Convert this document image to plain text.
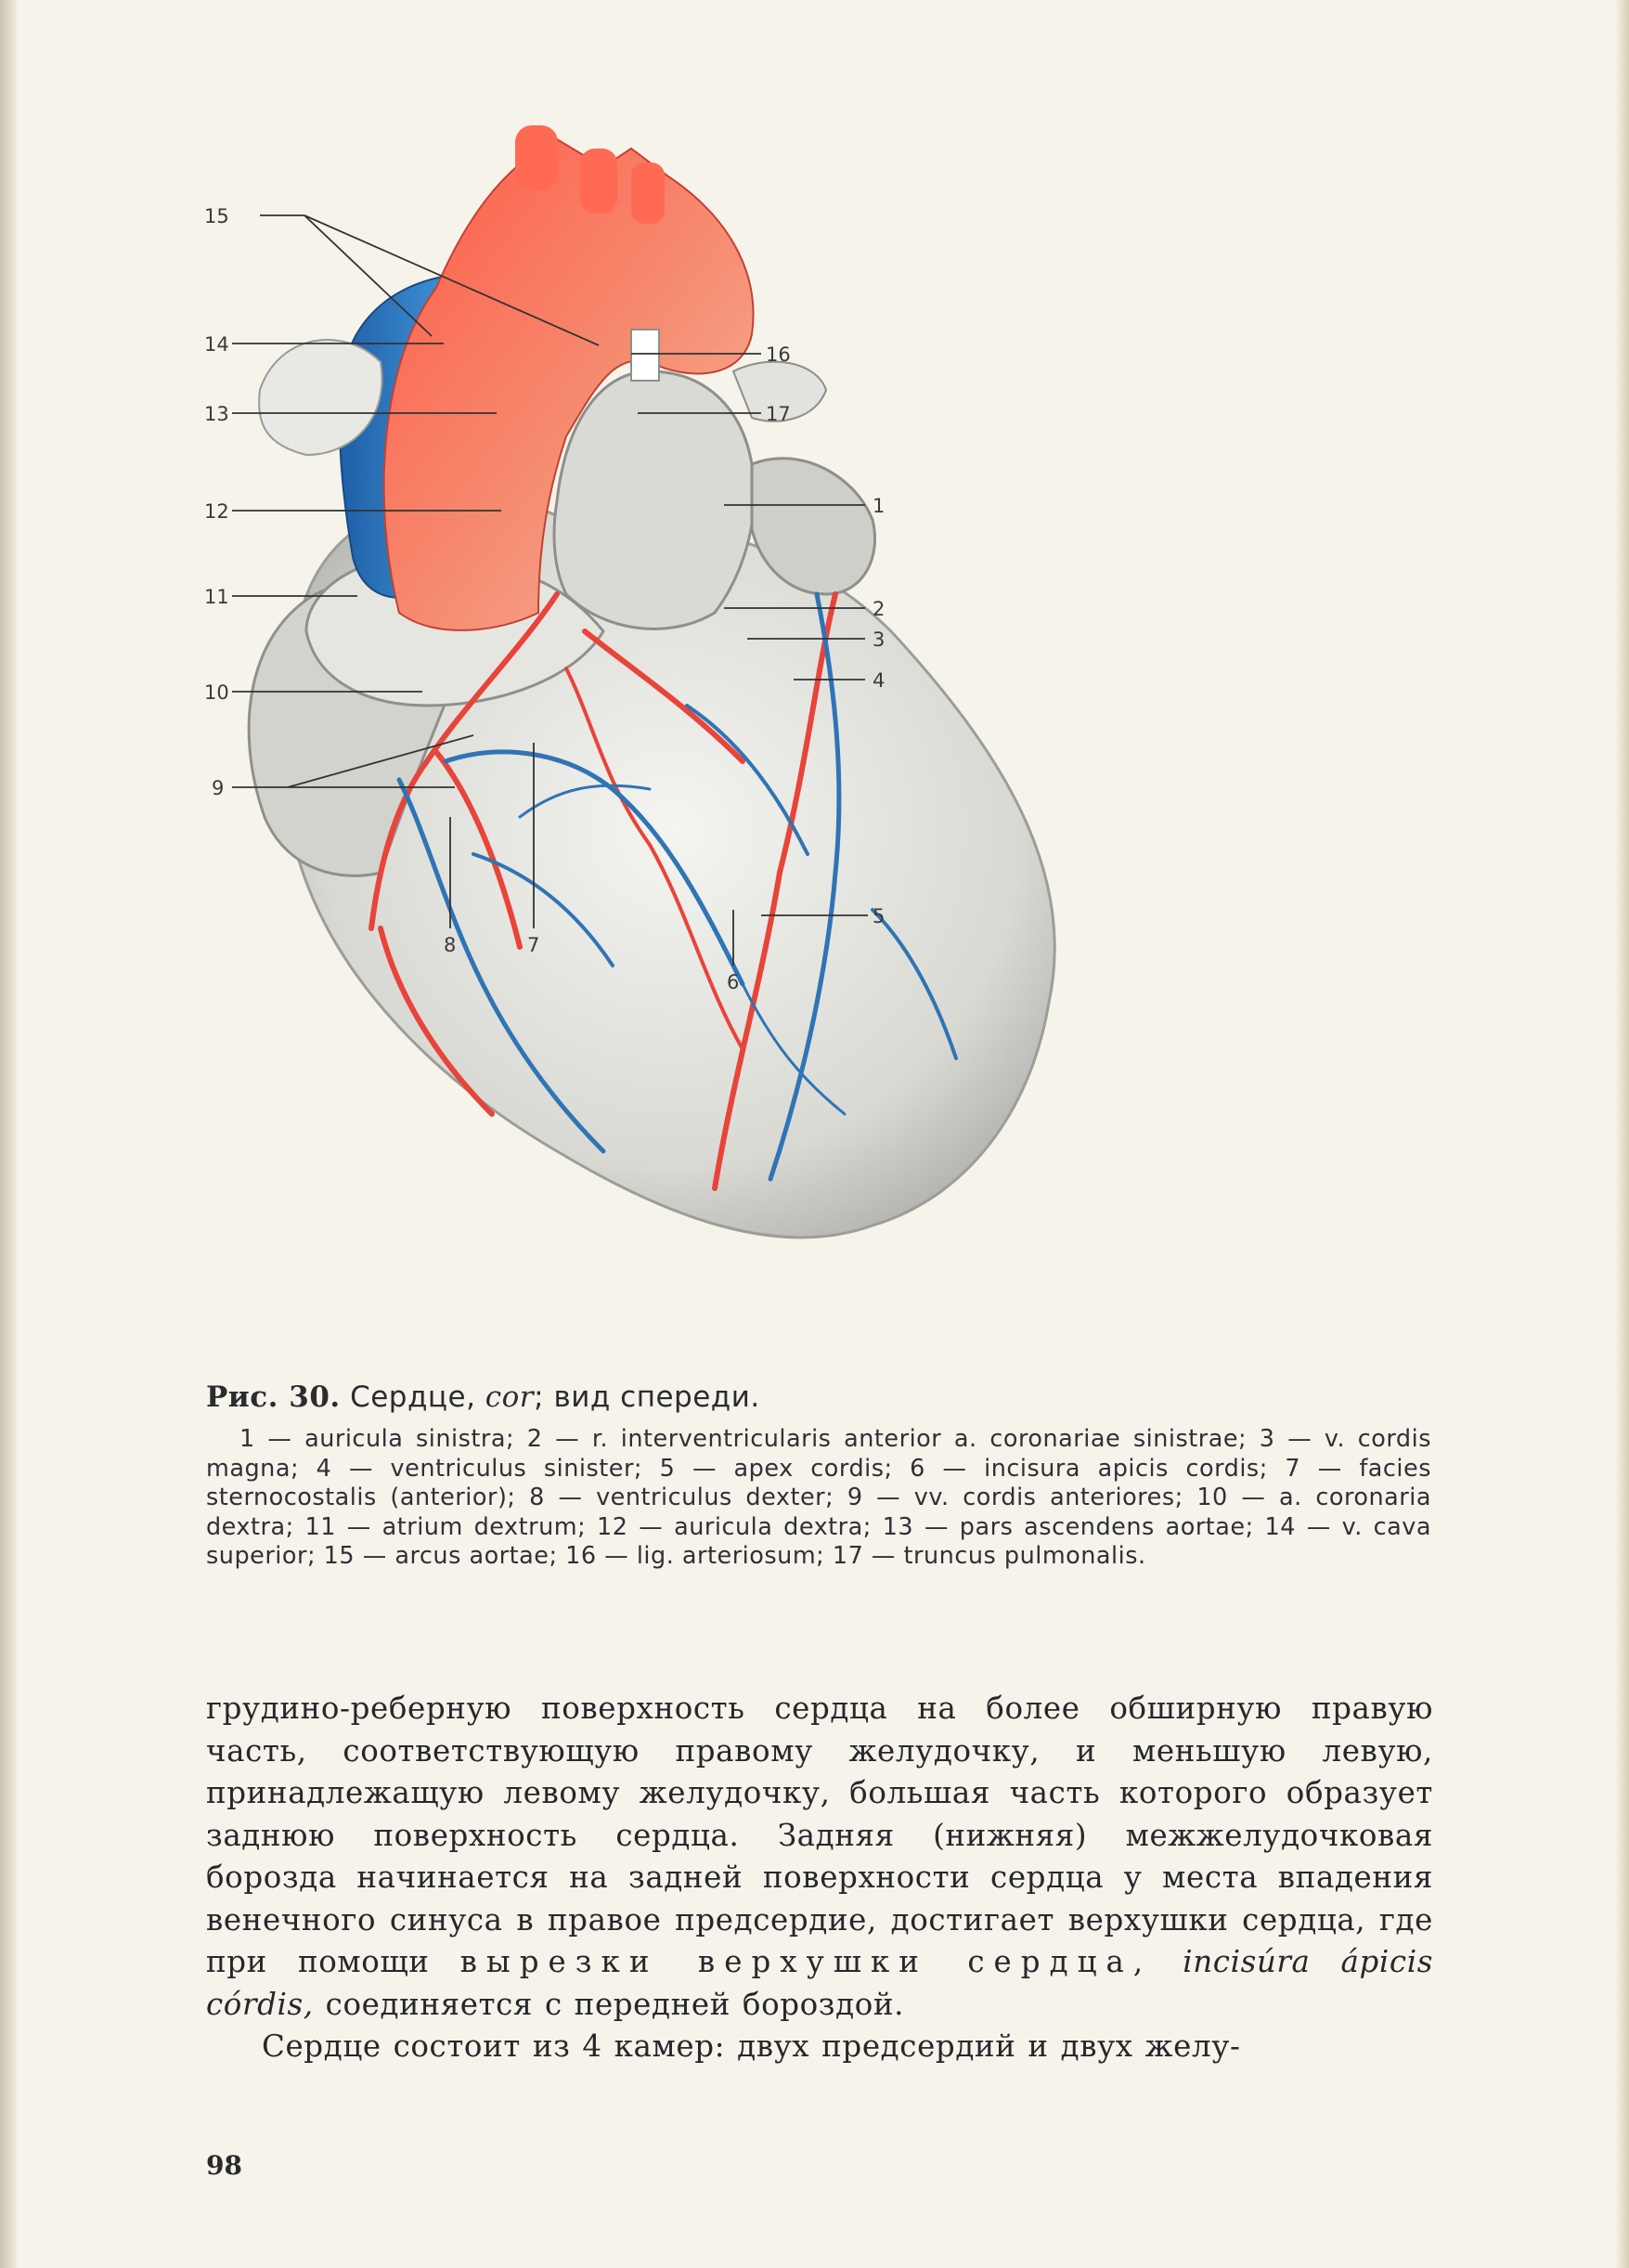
15
14
13
12
11
10
9
8	7
6
5
4
3
2
1
16
17

Рис. 30. Сердце, cor; вид спереди.

1 — auricula sinistra; 2 — r. interventricularis anterior a. coronariae sinistrae; 3 — v. cordis magna; 4 — ventriculus sinister; 5 — apex cordis; 6 — incisura apicis cordis; 7 — facies sternocostalis (anterior); 8 — ventriculus dexter; 9 — vv. cordis anteriores; 10 — a. coronaria dextra; 11 — atrium dextrum; 12 — auricula dextra; 13 — pars ascendens aortae; 14 — v. cava superior; 15 — arcus aortae; 16 — lig. arteriosum; 17 — truncus pulmonalis.

грудино-реберную поверхность сердца на более обширную правую часть, соответствующую правому желудочку, и меньшую левую, принадлежащую левому желудочку, большая часть которого образует заднюю поверхность сердца. Задняя (нижняя) межжелудочковая борозда начинается на задней поверхности сердца у места впадения венечного синуса в правое предсердие, достигает верхушки сердца, где при помощи вырезки верхушки сердца, incisúra ápicis córdis, соединяется с передней бороздой.

Сердце состоит из 4 камер: двух предсердий и двух желу-

98
